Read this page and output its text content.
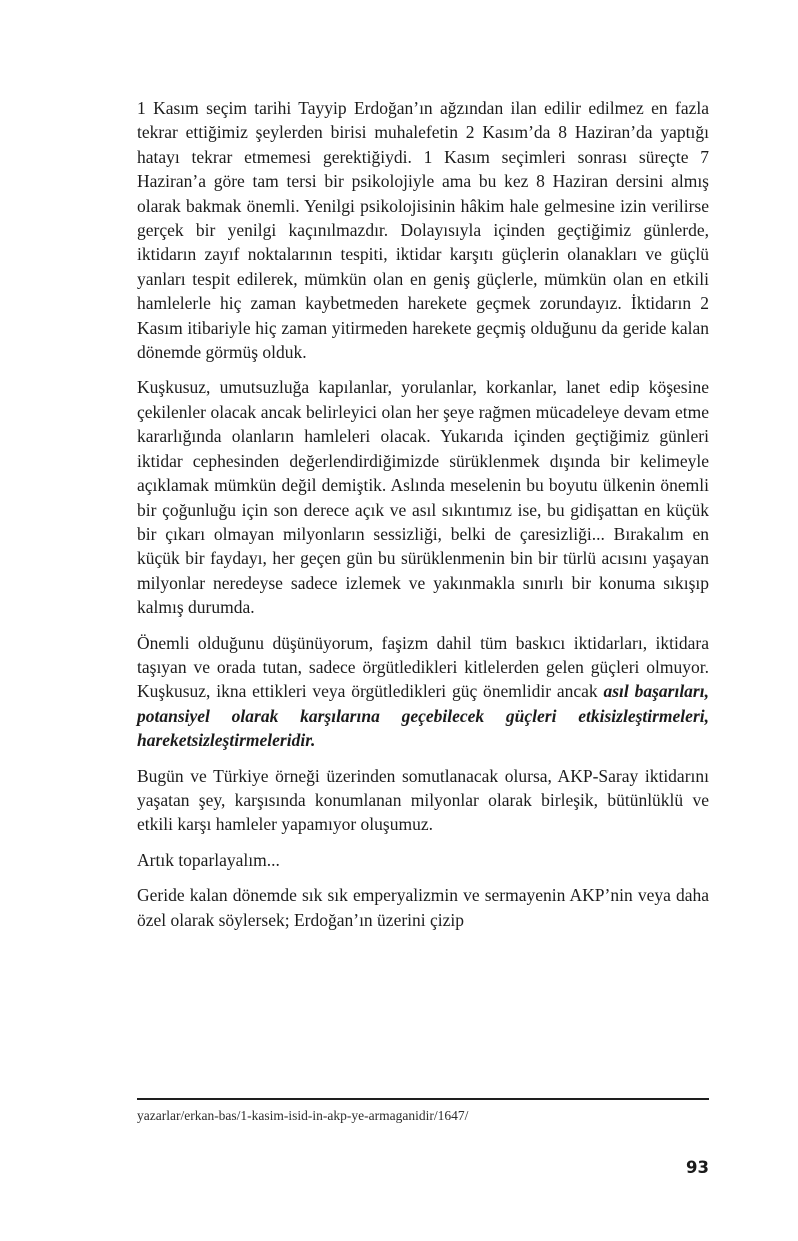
1 Kasım seçim tarihi Tayyip Erdoğan’ın ağzından ilan edilir edilmez en fazla tekrar ettiğimiz şeylerden birisi muhalefetin 2 Kasım’da 8 Haziran’da yaptığı hatayı tekrar etmemesi gerektiğiydi. 1 Kasım seçimleri sonrası süreçte 7 Haziran’a göre tam tersi bir psikolojiyle ama bu kez 8 Haziran dersini almış olarak bakmak önemli. Yenilgi psikolojisinin hâkim hale gelmesine izin verilirse gerçek bir yenilgi kaçınılmazdır. Dolayısıyla içinden geçtiğimiz günlerde, iktidarın zayıf noktalarının tespiti, iktidar karşıtı güçlerin olanakları ve güçlü yanları tespit edilerek, mümkün olan en geniş güçlerle, mümkün olan en etkili hamlelerle hiç zaman kaybetmeden harekete geçmek zorundayız. İktidarın 2 Kasım itibariyle hiç zaman yitirmeden harekete geçmiş olduğunu da geride kalan dönemde görmüş olduk.

Kuşkusuz, umutsuzluğa kapılanlar, yorulanlar, korkanlar, lanet edip köşesine çekilenler olacak ancak belirleyici olan her şeye rağmen mücadeleye devam etme kararlığında olanların hamleleri olacak. Yukarıda içinden geçtiğimiz günleri iktidar cephesinden değerlendirdiğimizde sürüklenmek dışında bir kelimeyle açıklamak mümkün değil demiştik. Aslında meselenin bu boyutu ülkenin önemli bir çoğunluğu için son derece açık ve asıl sıkıntımız ise, bu gidişattan en küçük bir çıkarı olmayan milyonların sessizliği, belki de çaresizliği... Bırakalım en küçük bir faydayı, her geçen gün bu sürüklenmenin bin bir türlü acısını yaşayan milyonlar neredeyse sadece izlemek ve yakınmakla sınırlı bir konuma sıkışıp kalmış durumda.

Önemli olduğunu düşünüyorum, faşizm dahil tüm baskıcı iktidarları, iktidara taşıyan ve orada tutan, sadece örgütledikleri kitlelerden gelen güçleri olmuyor. Kuşkusuz, ikna ettikleri veya örgütledikleri güç önemlidir ancak asıl başarıları, potansiyel olarak karşılarına geçebilecek güçleri etkisizleştirmeleri, hareketsizleştirmeleridir.

Bugün ve Türkiye örneği üzerinden somutlanacak olursa, AKP-Saray iktidarını yaşatan şey, karşısında konumlanan milyonlar olarak birleşik, bütünlüklü ve etkili karşı hamleler yapamıyor oluşumuz.

Artık toparlayalım...

Geride kalan dönemde sık sık emperyalizmin ve sermayenin AKP’nin veya daha özel olarak söylersek; Erdoğan’ın üzerini çizip

yazarlar/erkan-bas/1-kasim-isid-in-akp-ye-armaganidir/1647/
93
